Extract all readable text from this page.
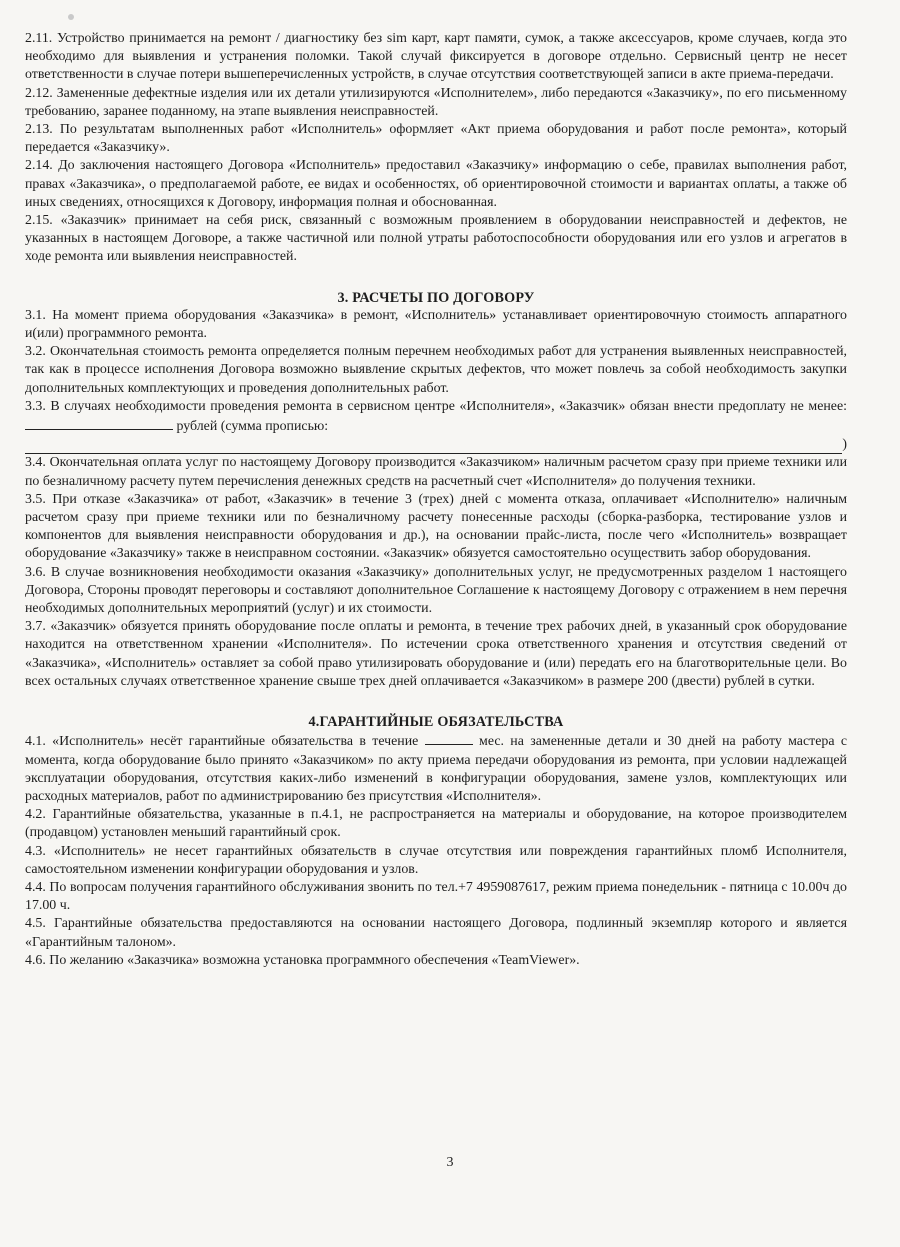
2.11. Устройство принимается на ремонт / диагностику без sim карт, карт памяти, сумок, а также аксессуаров, кроме случаев, когда это необходимо для выявления и устранения поломки. Такой случай фиксируется в договоре отдельно. Сервисный центр не несет ответственности в случае потери вышеперечисленных устройств, в случае отсутствия соответствующей записи в акте приема-передачи.

2.12. Замененные дефектные изделия или их детали утилизируются «Исполнителем», либо передаются «Заказчику», по его письменному требованию, заранее поданному, на этапе выявления неисправностей.

2.13. По результатам выполненных работ «Исполнитель» оформляет «Акт приема оборудования и работ после ремонта», который передается «Заказчику».

2.14. До заключения настоящего Договора «Исполнитель» предоставил «Заказчику» информацию о себе, правилах выполнения работ, правах «Заказчика», о предполагаемой работе, ее видах и особенностях, об ориентировочной стоимости и вариантах оплаты, а также об иных сведениях, относящихся к Договору, информация полная и обоснованная.

2.15. «Заказчик» принимает на себя риск, связанный с возможным проявлением в оборудовании неисправностей и дефектов, не указанных в настоящем Договоре, а также частичной или полной утраты работоспособности оборудования или его узлов и агрегатов в ходе ремонта или выявления неисправностей.

3. РАСЧЕТЫ ПО ДОГОВОРУ

3.1. На момент приема оборудования «Заказчика» в ремонт, «Исполнитель» устанавливает ориентировочную стоимость аппаратного и(или) программного ремонта.

3.2. Окончательная стоимость ремонта определяется полным перечнем необходимых работ для устранения выявленных неисправностей, так как в процессе исполнения Договора возможно выявление скрытых дефектов, что может повлечь за собой необходимость закупки дополнительных комплектующих и проведения дополнительных работ.

3.3. В случаях необходимости проведения ремонта в сервисном центре «Исполнителя», «Заказчик» обязан внести предоплату не менее:  рублей (сумма прописью:

)

3.4. Окончательная оплата услуг по настоящему Договору производится «Заказчиком» наличным расчетом сразу при приеме техники или по безналичному расчету путем перечисления денежных средств на расчетный счет «Исполнителя» до получения техники.

3.5. При отказе «Заказчика» от работ, «Заказчик» в течение 3 (трех) дней с момента отказа, оплачивает «Исполнителю» наличным расчетом сразу при приеме техники или по безналичному расчету понесенные расходы (сборка-разборка, тестирование узлов и компонентов для выявления неисправности оборудования и др.), на основании прайс-листа, после чего «Исполнитель» возвращает оборудование «Заказчику» также в неисправном состоянии. «Заказчик» обязуется самостоятельно осуществить забор оборудования.

3.6. В случае возникновения необходимости оказания «Заказчику» дополнительных услуг, не предусмотренных разделом 1 настоящего Договора, Стороны проводят переговоры и составляют дополнительное Соглашение к настоящему Договору с отражением в нем перечня необходимых дополнительных мероприятий (услуг) и их стоимости.

3.7. «Заказчик» обязуется принять оборудование после оплаты и ремонта, в течение трех рабочих дней, в указанный срок оборудование находится на ответственном хранении «Исполнителя». По истечении срока ответственного хранения и отсутствия сведений от «Заказчика», «Исполнитель» оставляет за собой право утилизировать оборудование и (или) передать его на благотворительные цели. Во всех остальных случаях ответственное хранение свыше трех дней оплачивается «Заказчиком» в размере 200 (двести) рублей в сутки.

4.ГАРАНТИЙНЫЕ ОБЯЗАТЕЛЬСТВА

4.1. «Исполнитель» несёт гарантийные обязательства в течение	мес. на замененные детали и 30 дней на работу мастера с момента, когда оборудование было принято «Заказчиком» по акту приема передачи оборудования из ремонта, при условии надлежащей эксплуатации оборудования, отсутствия каких-либо изменений в конфигурации оборудования, замене узлов, комплектующих или расходных материалов, работ по администрированию без присутствия «Исполнителя».

4.2. Гарантийные обязательства, указанные в п.4.1, не распространяется на материалы и оборудование, на которое производителем (продавцом) установлен меньший гарантийный срок.

4.3. «Исполнитель» не несет гарантийных обязательств в случае отсутствия или повреждения гарантийных пломб Исполнителя, самостоятельном изменении конфигурации оборудования и узлов.

4.4. По вопросам получения гарантийного обслуживания звонить по тел.+7 4959087617, режим приема понедельник - пятница с 10.00ч до 17.00 ч.

4.5. Гарантийные обязательства предоставляются на основании настоящего Договора, подлинный экземпляр которого и является «Гарантийным талоном».

4.6. По желанию «Заказчика» возможна установка программного обеспечения «TeamViewer».

3
